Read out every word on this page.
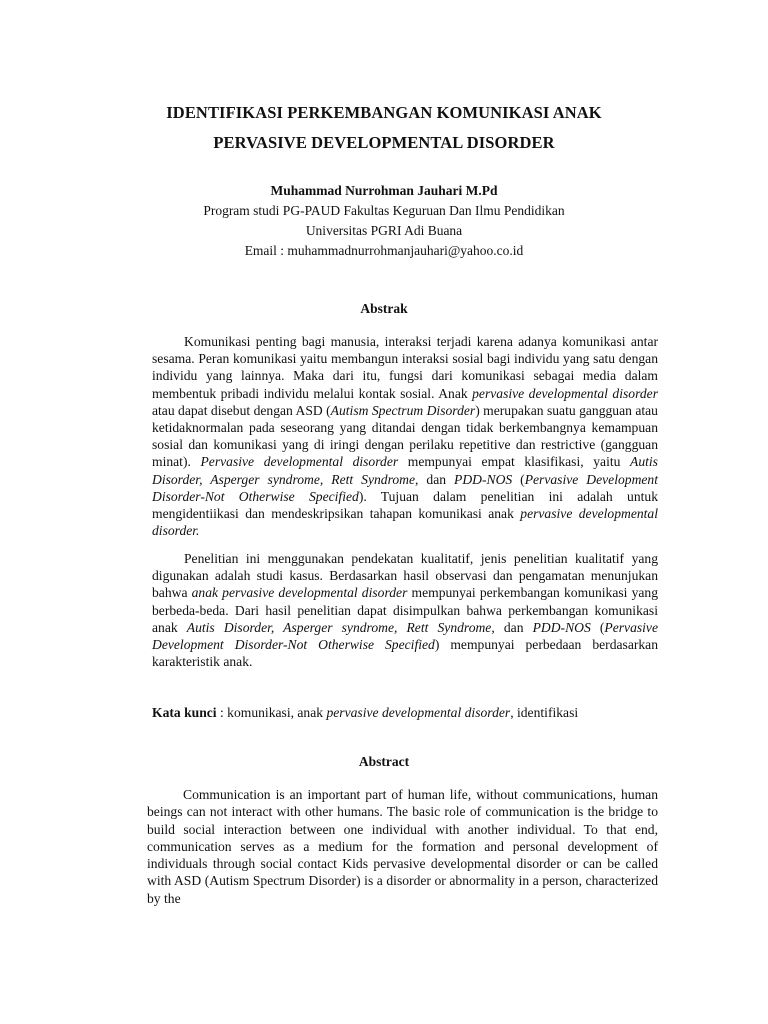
IDENTIFIKASI PERKEMBANGAN KOMUNIKASI ANAK
PERVASIVE DEVELOPMENTAL DISORDER

Muhammad Nurrohman Jauhari M.Pd

Program studi PG-PAUD Fakultas Keguruan Dan Ilmu Pendidikan

Universitas PGRI Adi Buana

Email : muhammadnurrohmanjauhari@yahoo.co.id

Abstrak

Komunikasi penting bagi manusia, interaksi terjadi karena adanya komunikasi antar sesama. Peran komunikasi yaitu membangun interaksi sosial bagi individu yang satu dengan individu yang lainnya. Maka dari itu, fungsi dari komunikasi sebagai media dalam membentuk pribadi individu melalui kontak sosial. Anak pervasive developmental disorder atau dapat disebut dengan ASD (Autism Spectrum Disorder) merupakan suatu gangguan atau ketidaknormalan pada seseorang yang ditandai dengan tidak berkembangnya kemampuan sosial dan komunikasi yang di iringi dengan perilaku repetitive dan restrictive (gangguan minat). Pervasive developmental disorder mempunyai empat klasifikasi, yaitu Autis Disorder, Asperger syndrome, Rett Syndrome, dan PDD-NOS (Pervasive Development Disorder-Not Otherwise Specified). Tujuan dalam penelitian ini adalah untuk mengidentiikasi dan mendeskripsikan tahapan komunikasi anak pervasive developmental disorder.

Penelitian ini menggunakan pendekatan kualitatif, jenis penelitian kualitatif yang digunakan adalah studi kasus. Berdasarkan hasil observasi dan pengamatan menunjukan bahwa anak pervasive developmental disorder mempunyai perkembangan komunikasi yang berbeda-beda. Dari hasil penelitian dapat disimpulkan bahwa perkembangan komunikasi anak Autis Disorder, Asperger syndrome, Rett Syndrome, dan PDD-NOS (Pervasive Development Disorder-Not Otherwise Specified) mempunyai perbedaan berdasarkan karakteristik anak.

Kata kunci : komunikasi, anak pervasive developmental disorder, identifikasi

Abstract

Communication is an important part of human life, without communications, human beings can not interact with other humans. The basic role of communication is the bridge to build social interaction between one individual with another individual. To that end, communication serves as a medium for the formation and personal development of individuals through social contact Kids pervasive developmental disorder or can be called with ASD (Autism Spectrum Disorder) is a disorder or abnormality in a person, characterized by the
